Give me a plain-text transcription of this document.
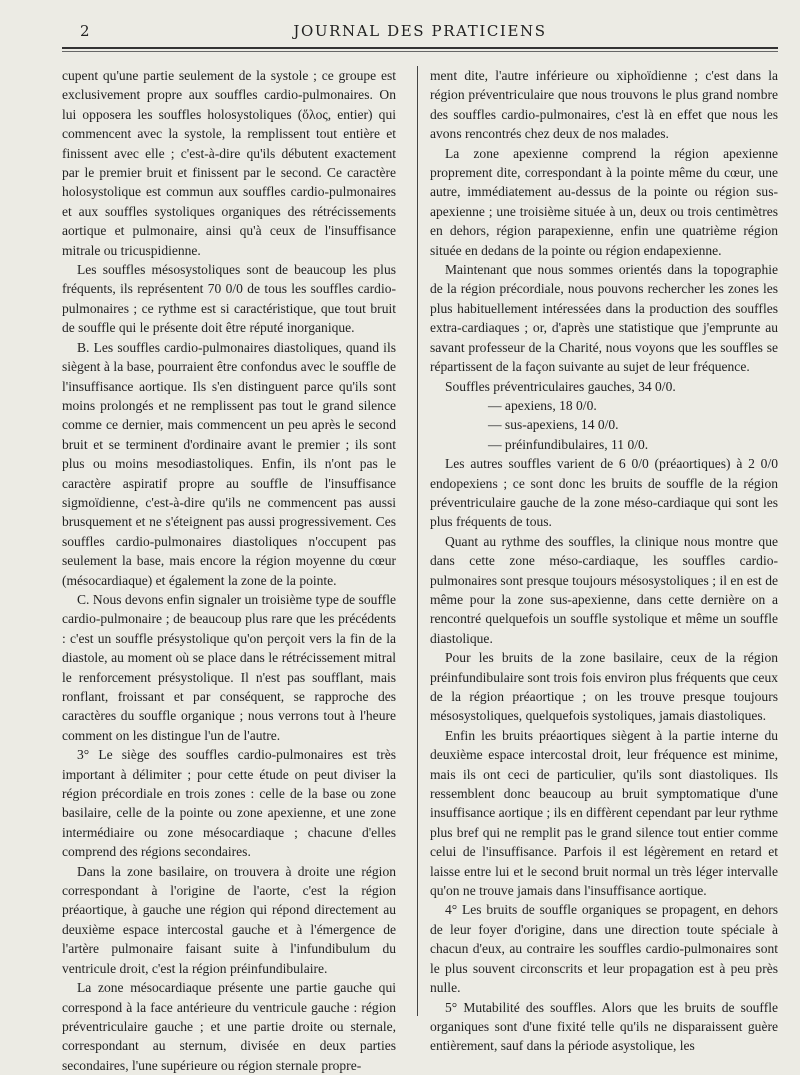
2	JOURNAL DES PRATICIENS

cupent qu'une partie seulement de la systole ; ce groupe est exclusivement propre aux souffles cardio-pulmonaires. On lui opposera les souffles holosystoliques (ὅλος, entier) qui commencent avec la systole, la remplissent tout entière et finissent avec elle ; c'est-à-dire qu'ils débutent exactement par le premier bruit et finissent par le second. Ce caractère holosystolique est commun aux souffles cardio-pulmonaires et aux souffles systoliques organiques des rétrécissements aortique et pulmonaire, ainsi qu'à ceux de l'insuffisance mitrale ou tricuspidienne.

Les souffles mésosystoliques sont de beaucoup les plus fréquents, ils représentent 70 0/0 de tous les souffles cardio-pulmonaires ; ce rythme est si caractéristique, que tout bruit de souffle qui le présente doit être réputé inorganique.

B. Les souffles cardio-pulmonaires diastoliques, quand ils siègent à la base, pourraient être confondus avec le souffle de l'insuffisance aortique. Ils s'en distinguent parce qu'ils sont moins prolongés et ne remplissent pas tout le grand silence comme ce dernier, mais commencent un peu après le second bruit et se terminent d'ordinaire avant le premier ; ils sont plus ou moins mesodiastoliques. Enfin, ils n'ont pas le caractère aspiratif propre au souffle de l'insuffisance sigmoïdienne, c'est-à-dire qu'ils ne commencent pas aussi brusquement et ne s'éteignent pas aussi progressivement. Ces souffles cardio-pulmonaires diastoliques n'occupent pas seulement la base, mais encore la région moyenne du cœur (mésocardiaque) et également la zone de la pointe.

C. Nous devons enfin signaler un troisième type de souffle cardio-pulmonaire ; de beaucoup plus rare que les précédents : c'est un souffle présystolique qu'on perçoit vers la fin de la diastole, au moment où se place dans le rétrécissement mitral le renforcement présystolique. Il n'est pas soufflant, mais ronflant, froissant et par conséquent, se rapproche des caractères du souffle organique ; nous verrons tout à l'heure comment on les distingue l'un de l'autre.

3° Le siège des souffles cardio-pulmonaires est très important à délimiter ; pour cette étude on peut diviser la région précordiale en trois zones : celle de la base ou zone basilaire, celle de la pointe ou zone apexienne, et une zone intermédiaire ou zone mésocardiaque ; chacune d'elles comprend des régions secondaires.

Dans la zone basilaire, on trouvera à droite une région correspondant à l'origine de l'aorte, c'est la région préaortique, à gauche une région qui répond directement au deuxième espace intercostal gauche et à l'émergence de l'artère pulmonaire faisant suite à l'infundibulum du ventricule droit, c'est la région préinfundibulaire.

La zone mésocardiaque présente une partie gauche qui correspond à la face antérieure du ventricule gauche : région préventriculaire gauche ; et une partie droite ou sternale, correspondant au sternum, divisée en deux parties secondaires, l'une supérieure ou région sternale propre-

ment dite, l'autre inférieure ou xiphoïdienne ; c'est dans la région préventriculaire que nous trouvons le plus grand nombre des souffles cardio-pulmonaires, c'est là en effet que nous les avons rencontrés chez deux de nos malades.

La zone apexienne comprend la région apexienne proprement dite, correspondant à la pointe même du cœur, une autre, immédiatement au-dessus de la pointe ou région sus-apexienne ; une troisième située à un, deux ou trois centimètres en dehors, région parapexienne, enfin une quatrième région située en dedans de la pointe ou région endapexienne.

Maintenant que nous sommes orientés dans la topographie de la région précordiale, nous pouvons rechercher les zones les plus habituellement intéressées dans la production des souffles extra-cardiaques ; or, d'après une statistique que j'emprunte au savant professeur de la Charité, nous voyons que les souffles se répartissent de la façon suivante au sujet de leur fréquence.

Souffles préventriculaires gauches, 34 0/0.

— apexiens, 18 0/0.

— sus-apexiens, 14 0/0.

— préinfundibulaires, 11 0/0.

Les autres souffles varient de 6 0/0 (préaortiques) à 2 0/0 endopexiens ; ce sont donc les bruits de souffle de la région préventriculaire gauche de la zone méso-cardiaque qui sont les plus fréquents de tous.

Quant au rythme des souffles, la clinique nous montre que dans cette zone méso-cardiaque, les souffles cardio-pulmonaires sont presque toujours mésosystoliques ; il en est de même pour la zone sus-apexienne, dans cette dernière on a rencontré quelquefois un souffle systolique et même un souffle diastolique.

Pour les bruits de la zone basilaire, ceux de la région préinfundibulaire sont trois fois environ plus fréquents que ceux de la région préaortique ; on les trouve presque toujours mésosystoliques, quelquefois systoliques, jamais diastoliques.

Enfin les bruits préaortiques siègent à la partie interne du deuxième espace intercostal droit, leur fréquence est minime, mais ils ont ceci de particulier, qu'ils sont diastoliques. Ils ressemblent donc beaucoup au bruit symptomatique d'une insuffisance aortique ; ils en diffèrent cependant par leur rythme plus bref qui ne remplit pas le grand silence tout entier comme celui de l'insuffisance. Parfois il est légèrement en retard et laisse entre lui et le second bruit normal un très léger intervalle qu'on ne trouve jamais dans l'insuffisance aortique.

4° Les bruits de souffle organiques se propagent, en dehors de leur foyer d'origine, dans une direction toute spéciale à chacun d'eux, au contraire les souffles cardio-pulmonaires sont le plus souvent circonscrits et leur propagation est à peu près nulle.

5° Mutabilité des souffles. Alors que les bruits de souffle organiques sont d'une fixité telle qu'ils ne disparaissent guère entièrement, sauf dans la période asystolique, les
